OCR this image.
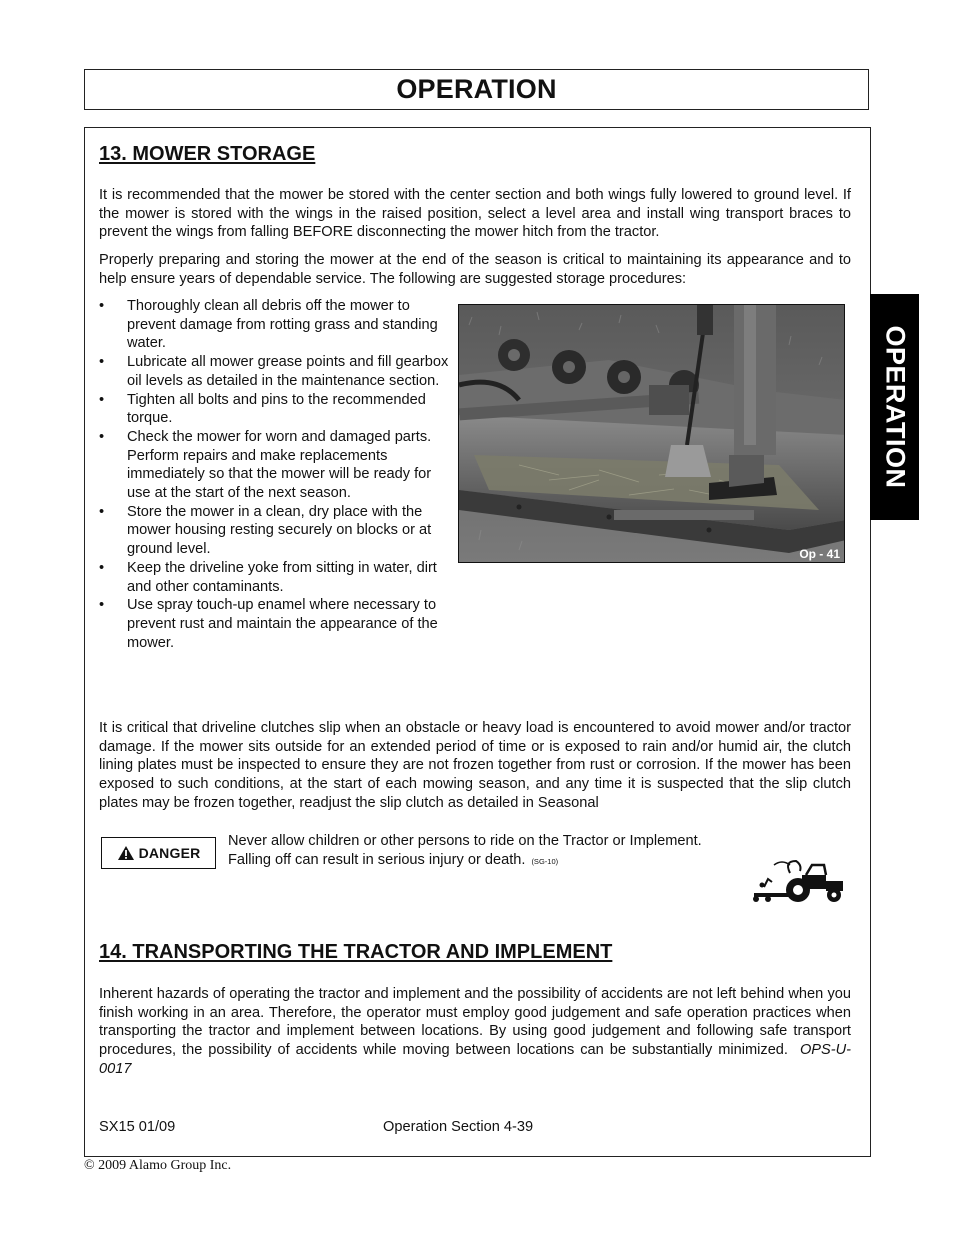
OPERATION
OPERATION
13. MOWER STORAGE

It is recommended that the mower be stored with the center section and both wings fully lowered to ground level. If the mower is stored with the wings in the raised position, select a level area and install wing transport braces to prevent the wings from falling BEFORE disconnecting the mower hitch from the tractor.

Properly preparing and storing the mower at the end of the season is critical to maintaining its appearance and to help ensure years of dependable service. The following are suggested storage procedures:

• Thoroughly clean all debris off the mower to prevent damage from rotting grass and standing water.
• Lubricate all mower grease points and fill gearbox oil levels as detailed in the maintenance section.
• Tighten all bolts and pins to the recommended torque.
• Check the mower for worn and damaged parts. Perform repairs and make replacements immediately so that the mower will be ready for use at the start of the next season.
• Store the mower in a clean, dry place with the mower housing resting securely on blocks or at ground level.
• Keep the driveline yoke from sitting in water, dirt and other contaminants.
• Use spray touch-up enamel where necessary to prevent rust and maintain the appearance of the mower.
Op - 41

It is critical that driveline clutches slip when an obstacle or heavy load is encountered to avoid mower and/or tractor damage. If the mower sits outside for an extended period of time or is exposed to rain and/or humid air, the clutch lining plates must be inspected to ensure they are not frozen together from rust or corrosion. If the mower has been exposed to such conditions, at the start of each mowing season, and any time it is suspected that the slip clutch plates may be frozen together, readjust the slip clutch as detailed in Seasonal

DANGER
Never allow children or other persons to ride on the Tractor or Implement.
Falling off can result in serious injury or death. (SG-10)
14. TRANSPORTING THE TRACTOR AND IMPLEMENT

Inherent hazards of operating the tractor and implement and the possibility of accidents are not left behind when you finish working in an area. Therefore, the operator must employ good judgement and safe operation practices when transporting the tractor and implement between locations. By using good judgement and following safe transport procedures, the possibility of accidents while moving between locations can be substantially minimized. OPS-U- 0017

SX15 01/09	Operation Section 4-39
© 2009 Alamo Group Inc.
